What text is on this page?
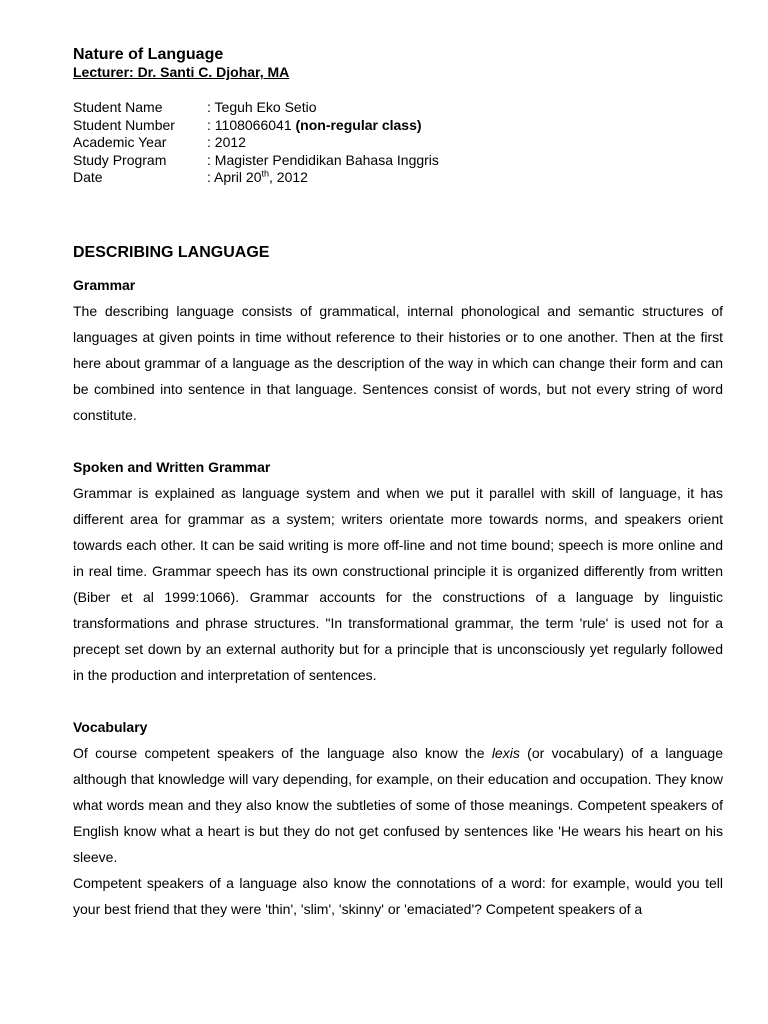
Nature of Language

Lecturer: Dr. Santi C. Djohar, MA

Student Name	: Teguh Eko Setio
Student Number	: 1108066041 (non-regular class)
Academic Year	: 2012
Study Program	: Magister Pendidikan Bahasa Inggris
Date	: April 20th, 2012
DESCRIBING LANGUAGE
Grammar

The describing language consists of grammatical, internal phonological and semantic structures of languages at given points in time without reference to their histories or to one another. Then at the first here about grammar of a language as the description of the way in which can change their form and can be combined into sentence in that language. Sentences consist of words, but not every string of word constitute.

Spoken and Written Grammar

Grammar is explained as language system and when we put it parallel with skill of language, it has different area for grammar as a system; writers orientate more towards norms, and speakers orient towards each other. It can be said writing is more off-line and not time bound; speech is more online and in real time. Grammar speech has its own constructional principle it is organized differently from written (Biber et al 1999:1066). Grammar accounts for the constructions of a language by linguistic transformations and phrase structures. "In transformational grammar, the term 'rule' is used not for a precept set down by an external authority but for a principle that is unconsciously yet regularly followed in the production and interpretation of sentences.

Vocabulary

Of course competent speakers of the language also know the lexis (or vocabulary) of a language although that knowledge will vary depending, for example, on their education and occupation. They know what words mean and they also know the subtleties of some of those meanings. Competent speakers of English know what a heart is but they do not get confused by sentences like 'He wears his heart on his sleeve.

Competent speakers of a language also know the connotations of a word: for example, would you tell your best friend that they were 'thin', 'slim', 'skinny' or 'emaciated'? Competent speakers of a
